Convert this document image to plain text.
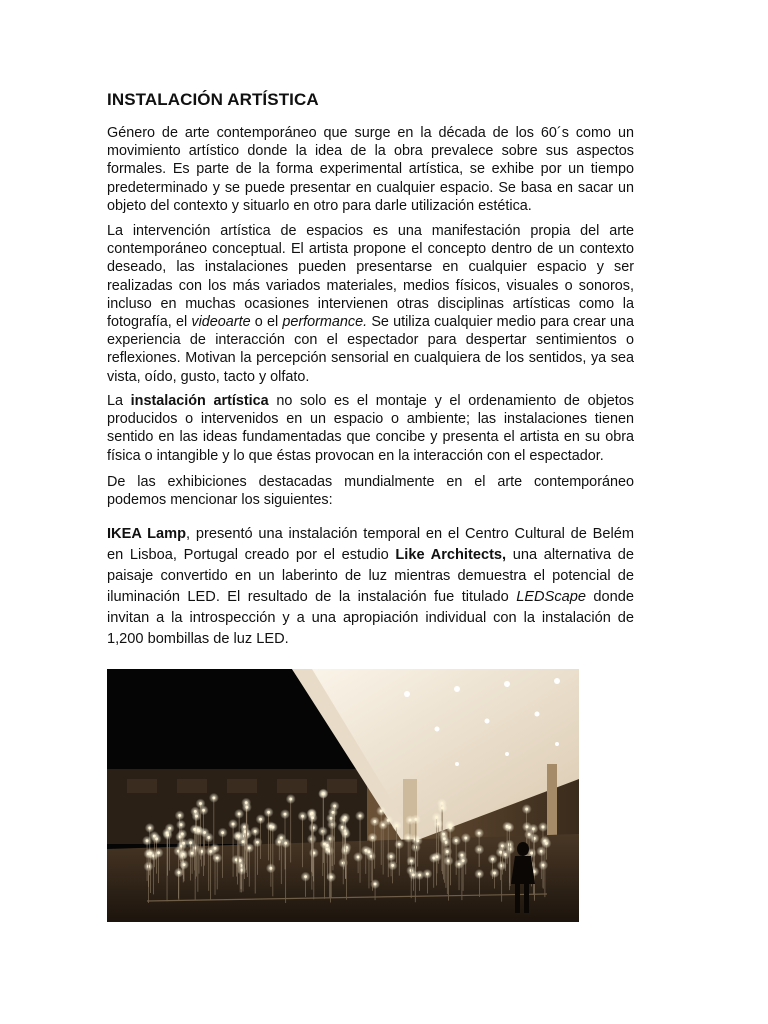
INSTALACIÓN ARTÍSTICA

Género de arte contemporáneo que surge en la década de los 60´s como un movimiento artístico donde la idea de la obra prevalece sobre sus aspectos formales. Es parte de la forma experimental artística, se exhibe por un tiempo predeterminado y se puede presentar en cualquier espacio. Se basa en sacar un objeto del contexto y situarlo en otro para darle utilización estética.

La intervención artística de espacios es una manifestación propia del arte contemporáneo conceptual. El artista propone el concepto dentro de un contexto deseado, las instalaciones pueden presentarse en cualquier espacio y ser realizadas con los más variados materiales, medios físicos, visuales o sonoros, incluso en muchas ocasiones intervienen otras disciplinas artísticas como la fotografía, el videoarte o el performance. Se utiliza cualquier medio para crear una experiencia de interacción con el espectador para despertar sentimientos o reflexiones. Motivan la percepción sensorial en cualquiera de los sentidos, ya sea vista, oído, gusto, tacto y olfato.

La instalación artística no solo es el montaje y el ordenamiento de objetos producidos o intervenidos en un espacio o ambiente; las instalaciones tienen sentido en las ideas fundamentadas que concibe y presenta el artista en su obra física o intangible y lo que éstas provocan en la interacción con el espectador.

De las exhibiciones destacadas mundialmente en el arte contemporáneo podemos mencionar los siguientes:

IKEA Lamp, presentó una instalación temporal en el Centro Cultural de Belém en Lisboa, Portugal creado por el estudio Like Architects, una alternativa de paisaje convertido en un laberinto de luz mientras demuestra el potencial de iluminación LED. El resultado de la instalación fue titulado LEDScape donde invitan a la introspección y a una apropiación individual con la instalación de 1,200 bombillas de luz LED.
